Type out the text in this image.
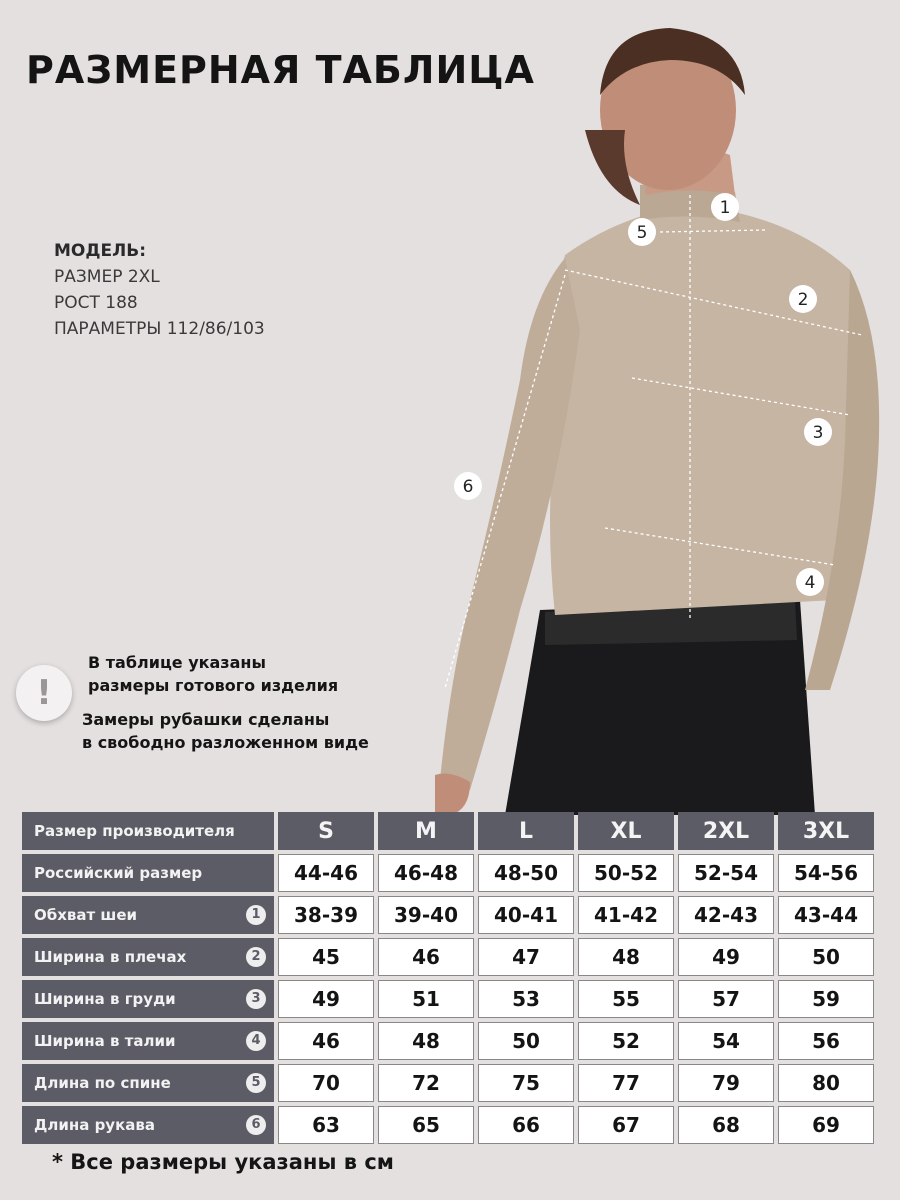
РАЗМЕРНАЯ ТАБЛИЦА
МОДЕЛЬ:
РАЗМЕР 2XL
РОСТ 188
ПАРАМЕТРЫ 112/86/103
1
5
2
3
6
4
!
В таблице указаны
размеры готового изделия
Замеры рубашки сделаны
в свободно разложенном виде
Размер производителя	S	M	L	XL	2XL	3XL
Российский размер	44-46	46-48	48-50	50-52	52-54	54-56
Обхват шеи	1	38-39	39-40	40-41	41-42	42-43	43-44
Ширина в плечах	2	45	46	47	48	49	50
Ширина в груди	3	49	51	53	55	57	59
Ширина в талии	4	46	48	50	52	54	56
Длина по спине	5	70	72	75	77	79	80
Длина рукава	6	63	65	66	67	68	69
* Все размеры указаны в см
